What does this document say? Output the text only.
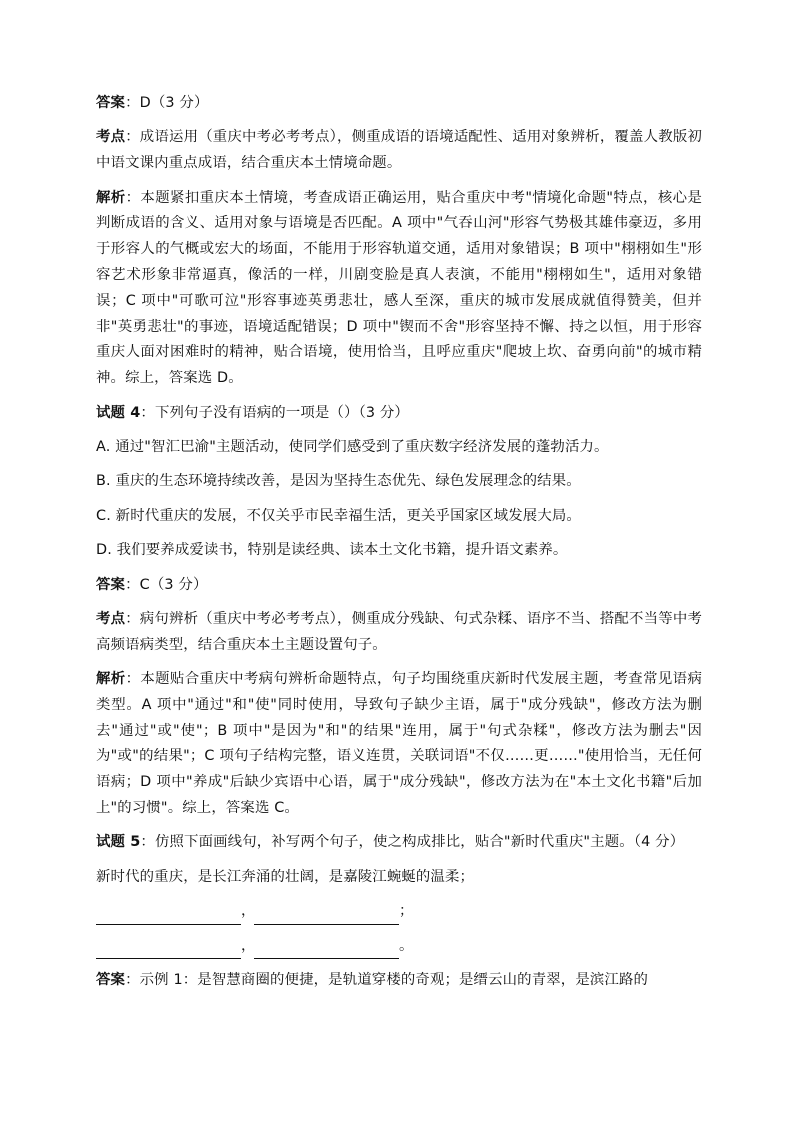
答案：D（3 分）

考点：成语运用（重庆中考必考考点），侧重成语的语境适配性、适用对象辨析，覆盖人教版初中语文课内重点成语，结合重庆本土情境命题。

解析：本题紧扣重庆本土情境，考查成语正确运用，贴合重庆中考"情境化命题"特点，核心是判断成语的含义、适用对象与语境是否匹配。A 项中"气吞山河"形容气势极其雄伟豪迈，多用于形容人的气概或宏大的场面，不能用于形容轨道交通，适用对象错误；B 项中"栩栩如生"形容艺术形象非常逼真，像活的一样，川剧变脸是真人表演，不能用"栩栩如生"，适用对象错误；C 项中"可歌可泣"形容事迹英勇悲壮，感人至深，重庆的城市发展成就值得赞美，但并非"英勇悲壮"的事迹，语境适配错误；D 项中"锲而不舍"形容坚持不懈、持之以恒，用于形容重庆人面对困难时的精神，贴合语境，使用恰当，且呼应重庆"爬坡上坎、奋勇向前"的城市精神。综上，答案选 D。

试题 4：下列句子没有语病的一项是（）（3 分）

A. 通过"智汇巴渝"主题活动，使同学们感受到了重庆数字经济发展的蓬勃活力。

B. 重庆的生态环境持续改善，是因为坚持生态优先、绿色发展理念的结果。

C. 新时代重庆的发展，不仅关乎市民幸福生活，更关乎国家区域发展大局。

D. 我们要养成爱读书，特别是读经典、读本土文化书籍，提升语文素养。

答案：C（3 分）

考点：病句辨析（重庆中考必考考点），侧重成分残缺、句式杂糅、语序不当、搭配不当等中考高频语病类型，结合重庆本土主题设置句子。

解析：本题贴合重庆中考病句辨析命题特点，句子均围绕重庆新时代发展主题，考查常见语病类型。A 项中"通过"和"使"同时使用，导致句子缺少主语，属于"成分残缺"，修改方法为删去"通过"或"使"；B 项中"是因为"和"的结果"连用，属于"句式杂糅"，修改方法为删去"因为"或"的结果"；C 项句子结构完整，语义连贯，关联词语"不仅……更……"使用恰当，无任何语病；D 项中"养成"后缺少宾语中心语，属于"成分残缺"，修改方法为在"本土文化书籍"后加上"的习惯"。综上，答案选 C。

试题 5：仿照下面画线句，补写两个句子，使之构成排比，贴合"新时代重庆"主题。（4 分）

新时代的重庆，是长江奔涌的壮阔，是嘉陵江蜿蜒的温柔；

，	；
，	。

答案：示例 1：是智慧商圈的便捷，是轨道穿楼的奇观；是缙云山的青翠，是滨江路的
